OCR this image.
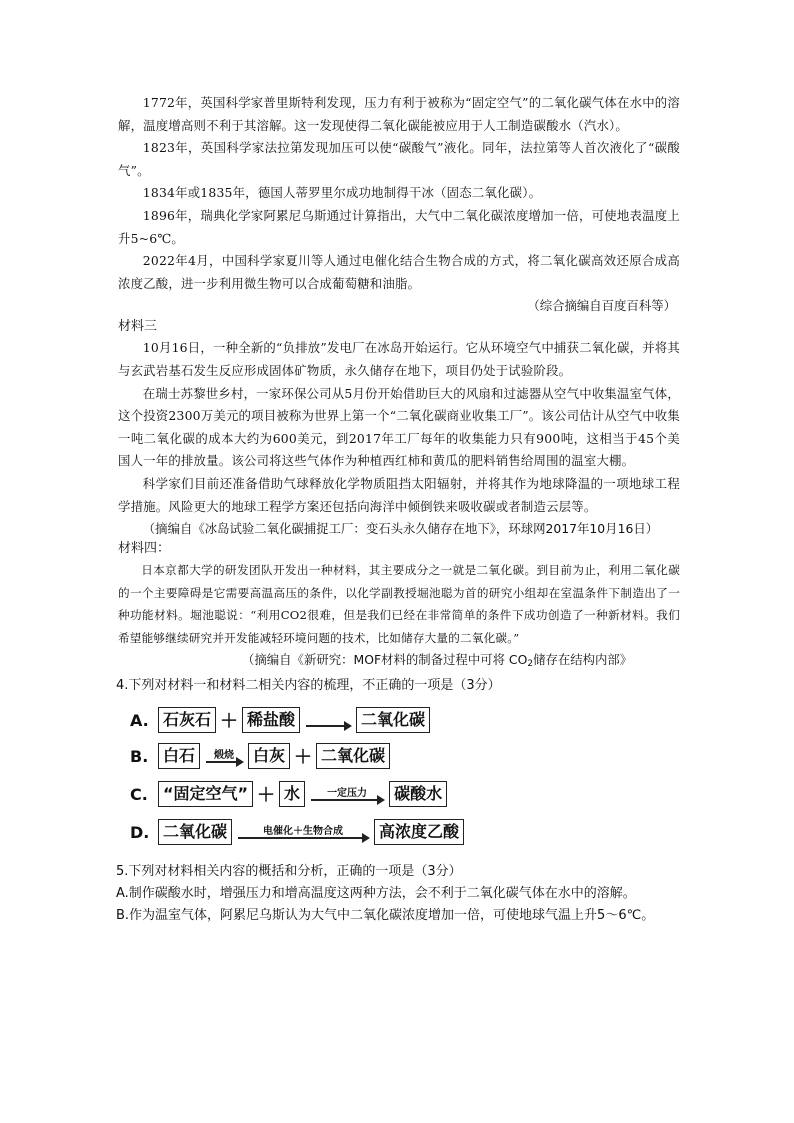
1772年，英国科学家普里斯特利发现，压力有利于被称为“固定空气”的二氧化碳气体在水中的溶解，温度增高则不利于其溶解。这一发现使得二氧化碳能被应用于人工制造碳酸水（汽水）。

1823年，英国科学家法拉第发现加压可以使“碳酸气”液化。同年，法拉第等人首次液化了“碳酸气”。

1834年或1835年，德国人蒂罗里尔成功地制得干冰（固态二氧化碳）。

1896年，瑞典化学家阿累尼乌斯通过计算指出，大气中二氧化碳浓度增加一倍，可使地表温度上升5~6℃。

2022年4月，中国科学家夏川等人通过电催化结合生物合成的方式，将二氧化碳高效还原合成高浓度乙酸，进一步利用微生物可以合成葡萄糖和油脂。

（综合摘编自百度百科等）

材料三

10月16日，一种全新的“负排放”发电厂在冰岛开始运行。它从环境空气中捕获二氧化碳，并将其与玄武岩基石发生反应形成固体矿物质，永久储存在地下，项目仍处于试验阶段。

在瑞士苏黎世乡村，一家环保公司从5月份开始借助巨大的风扇和过滤器从空气中收集温室气体，这个投资2300万美元的项目被称为世界上第一个“二氧化碳商业收集工厂”。该公司估计从空气中收集一吨二氧化碳的成本大约为600美元，到2017年工厂每年的收集能力只有900吨，这相当于45个美国人一年的排放量。该公司将这些气体作为种植西红柿和黄瓜的肥料销售给周围的温室大棚。

科学家们目前还准备借助气球释放化学物质阻挡太阳辐射，并将其作为地球降温的一项地球工程学措施。风险更大的地球工程学方案还包括向海洋中倾倒铁来吸收碳或者制造云层等。

（摘编自《冰岛试验二氧化碳捕捉工厂：变石头永久储存在地下》，环球网2017年10月16日）

材料四：

日本京都大学的研发团队开发出一种材料，其主要成分之一就是二氧化碳。到目前为止，利用二氧化碳的一个主要障碍是它需要高温高压的条件，以化学副教授堀池聪为首的研究小组却在室温条件下制造出了一种功能材料。堀池聪说：“利用CO2很难，但是我们已经在非常简单的条件下成功创造了一种新材料。我们希望能够继续研究并开发能减轻环境问题的技术，比如储存大量的二氧化碳。”

（摘编自《新研究：MOF材料的制备过程中可将 $CO_2$储存在结构内部》

4.下列对材料一和材料二相关内容的梳理，不正确的一项是（3分）

A. 石灰石 ＋ 稀盐酸	二氧化碳
B. 白石	煅烧	白灰 ＋ 二氧化碳
C. “固定空气” ＋ 水	一定压力	碳酸水
D. 二氧化碳	电催化＋生物合成	高浓度乙酸

5.下列对材料相关内容的概括和分析，正确的一项是（3分）

A.制作碳酸水时，增强压力和增高温度这两种方法，会不利于二氧化碳气体在水中的溶解。

B.作为温室气体，阿累尼乌斯认为大气中二氧化碳浓度增加一倍，可使地球气温上升5～6℃。
